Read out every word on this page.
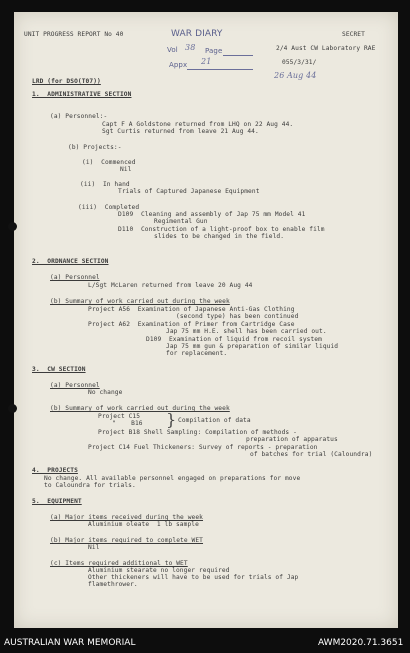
UNIT PROGRESS REPORT No 40	SECRET
2/4 Aust CW Laboratory RAE
055/3/31/
26 Aug 44
WAR DIARY
Vol 38 Page
Appx 21
LRD (for DSO(T07))
1.  ADMINISTRATIVE SECTION
(a) Personnel:-
Capt F A Goldstone returned from LHQ on 22 Aug 44.
Sgt Curtis returned from leave 21 Aug 44.
(b) Projects:-
(i)  Commenced
Nil
(ii)  In hand
Trials of Captured Japanese Equipment
(iii)  Completed
D109  Cleaning and assembly of Jap 75 mm Model 41
Regimental Gun
D110  Construction of a light-proof box to enable film
slides to be changed in the field.
2.  ORDNANCE SECTION
(a) Personnel
L/Sgt McLaren returned from leave 20 Aug 44
(b) Summary of work carried out during the week
Project A56  Examination of Japanese Anti-Gas Clothing
(second type) has been continued
Project A62  Examination of Primer from Cartridge Case
Jap 75 mm H.E. shell has been carried out.
D109  Examination of liquid from recoil system
Jap 75 mm gun & preparation of similar liquid
for replacement.
3.  CW SECTION
(a) Personnel
No change
(b) Summary of work carried out during the week
Project C15
"    B16	Compilation of data
Project B18 Shell Sampling: Compilation of methods -
preparation of apparatus
Project C14 Fuel Thickeners: Survey of reports - preparation
of batches for trial (Caloundra)
4.  PROJECTS
No change. All available personnel engaged on preparations for move
to Caloundra for trials.
5.  EQUIPMENT
(a) Major items received during the week
Aluminium oleate  1 lb sample
(b) Major items required to complete WET
Nil
(c) Items required additional to WET
Aluminium stearate no longer required
Other thickeners will have to be used for trials of Jap
flamethrower.
}
AUSTRALIAN WAR MEMORIAL	AWM2020.71.3651
